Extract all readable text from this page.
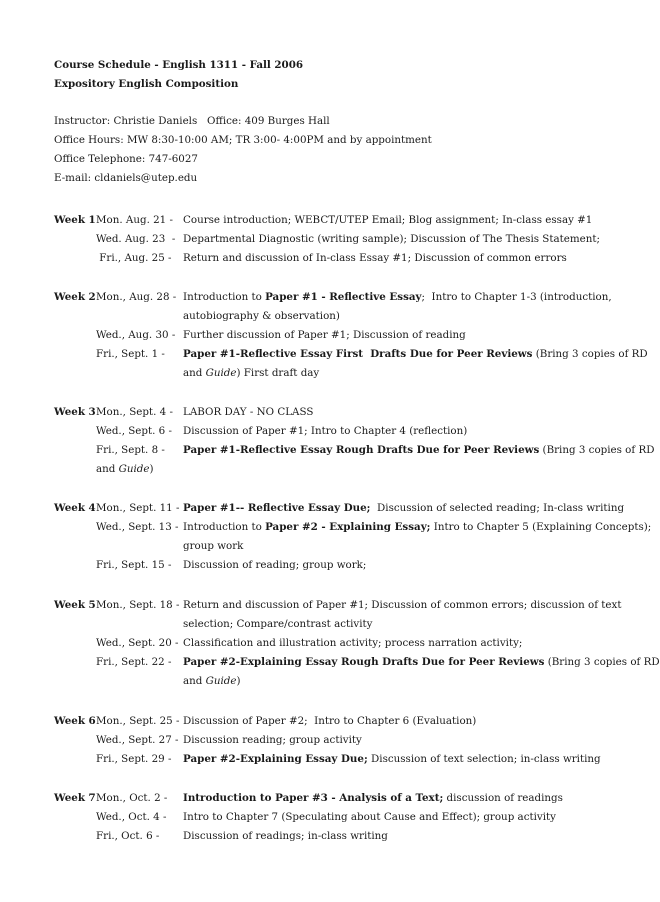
Course Schedule - English 1311 - Fall 2006
Expository English Composition
Instructor: Christie Daniels   Office: 409 Burges Hall
Office Hours: MW 8:30-10:00 AM; TR 3:00- 4:00PM and by appointment
Office Telephone: 747-6027
E-mail: cldaniels@utep.edu
Week 1 Mon. Aug. 21 - Course introduction; WEBCT/UTEP Email; Blog assignment; In-class essay #1
Wed. Aug. 23  - Departmental Diagnostic (writing sample); Discussion of The Thesis Statement;
Fri., Aug. 25 - Return and discussion of In-class Essay #1; Discussion of common errors
Week 2 Mon., Aug. 28 - Introduction to Paper #1 - Reflective Essay;  Intro to Chapter 1-3 (introduction,
autobiography & observation)
Wed., Aug. 30 - Further discussion of Paper #1; Discussion of reading
Fri., Sept. 1 - Paper #1-Reflective Essay First  Drafts Due for Peer Reviews (Bring 3 copies of RD
and Guide) First draft day
Week 3 Mon., Sept. 4 - LABOR DAY - NO CLASS
Wed., Sept. 6 - Discussion of Paper #1; Intro to Chapter 4 (reflection)
Fri., Sept. 8 - Paper #1-Reflective Essay Rough Drafts Due for Peer Reviews (Bring 3 copies of RD
and Guide)
Week 4 Mon., Sept. 11 - Paper #1-- Reflective Essay Due;  Discussion of selected reading; In-class writing
Wed., Sept. 13 - Introduction to Paper #2 - Explaining Essay; Intro to Chapter 5 (Explaining Concepts);
group work
Fri., Sept. 15 - Discussion of reading; group work;
Week 5 Mon., Sept. 18 - Return and discussion of Paper #1; Discussion of common errors; discussion of text
selection; Compare/contrast activity
Wed., Sept. 20 - Classification and illustration activity; process narration activity;
Fri., Sept. 22 - Paper #2-Explaining Essay Rough Drafts Due for Peer Reviews (Bring 3 copies of RD
and Guide)
Week 6 Mon., Sept. 25 - Discussion of Paper #2;  Intro to Chapter 6 (Evaluation)
Wed., Sept. 27 - Discussion reading; group activity
Fri., Sept. 29 - Paper #2-Explaining Essay Due; Discussion of text selection; in-class writing
Week 7 Mon., Oct. 2 - Introduction to Paper #3 - Analysis of a Text; discussion of readings
Wed., Oct. 4 - Intro to Chapter 7 (Speculating about Cause and Effect); group activity
Fri., Oct. 6 - Discussion of readings; in-class writing
